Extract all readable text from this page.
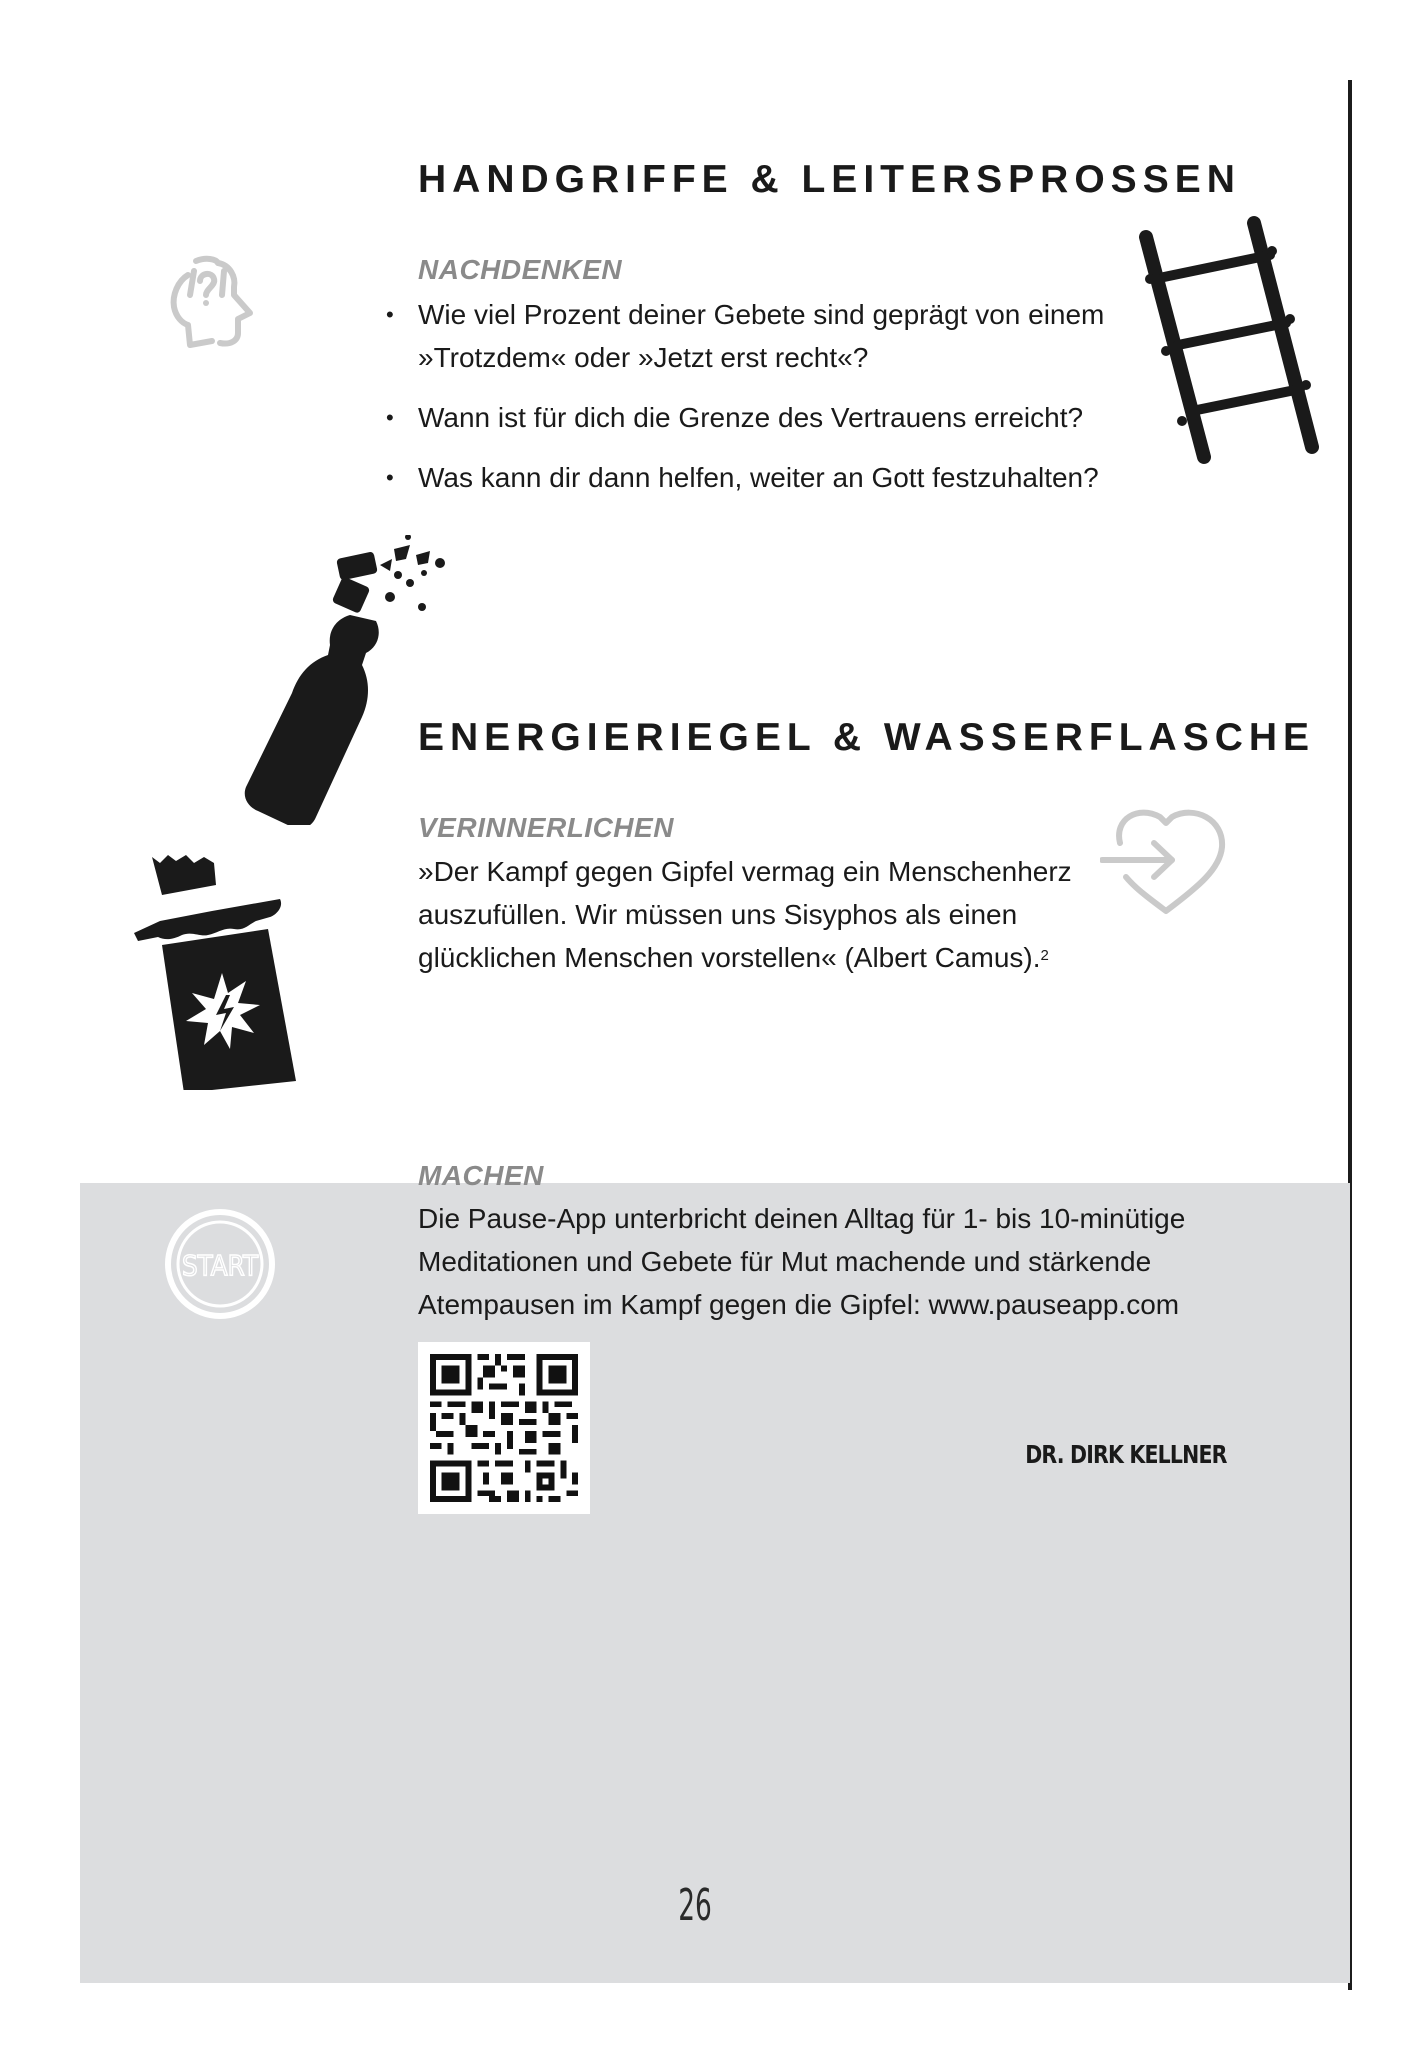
HANDGRIFFE & LEITERSPROSSEN
NACHDENKEN
• Wie viel Prozent deiner Gebete sind geprägt von einem »Trotzdem« oder »Jetzt erst recht«?
• Wann ist für dich die Grenze des Vertrauens erreicht?
• Was kann dir dann helfen, weiter an Gott festzuhalten?
ENERGIERIEGEL & WASSERFLASCHE
VERINNERLICHEN

»Der Kampf gegen Gipfel vermag ein Menschenherz auszufüllen. Wir müssen uns Sisyphos als einen glücklichen Menschen vorstellen« (Albert Camus).$^2$

MACHEN

Die Pause-App unterbricht deinen Alltag für 1- bis 10-minütige Meditationen und Gebete für Mut machende und stärkende Atempausen im Kampf gegen die Gipfel: www.pauseapp.com

START
DR. DIRK KELLNER
26
